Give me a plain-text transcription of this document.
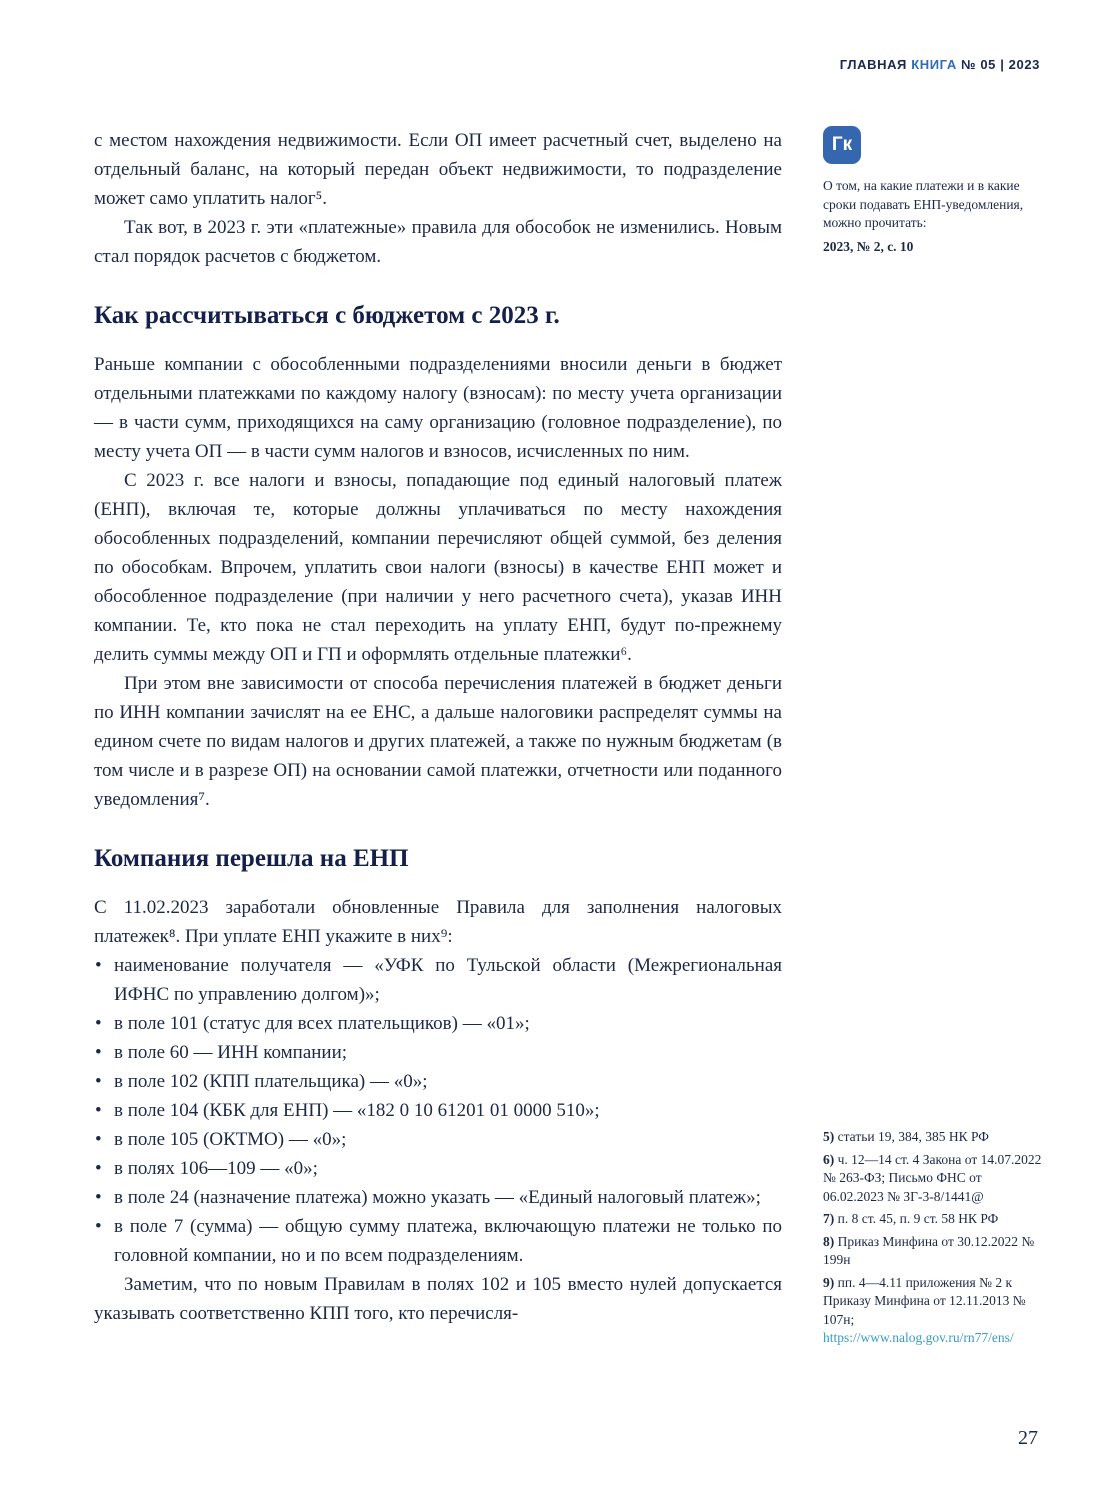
ГЛАВНАЯ КНИГА № 05 | 2023

с местом нахождения недвижимости. Если ОП имеет расчетный счет, выделено на отдельный баланс, на который передан объект недвижимости, то подразделение может само уплатить налог⁵.

Так вот, в 2023 г. эти «платежные» правила для обособок не изменились. Новым стал порядок расчетов с бюджетом.

Как рассчитываться с бюджетом с 2023 г.

Раньше компании с обособленными подразделениями вносили деньги в бюджет отдельными платежками по каждому налогу (взносам): по месту учета организации — в части сумм, приходящихся на саму организацию (головное подразделение), по месту учета ОП — в части сумм налогов и взносов, исчисленных по ним.

С 2023 г. все налоги и взносы, попадающие под единый налоговый платеж (ЕНП), включая те, которые должны уплачиваться по месту нахождения обособленных подразделений, компании перечисляют общей суммой, без деления по обособкам. Впрочем, уплатить свои налоги (взносы) в качестве ЕНП может и обособленное подразделение (при наличии у него расчетного счета), указав ИНН компании. Те, кто пока не стал переходить на уплату ЕНП, будут по-прежнему делить суммы между ОП и ГП и оформлять отдельные платежки⁶.

При этом вне зависимости от способа перечисления платежей в бюджет деньги по ИНН компании зачислят на ее ЕНС, а дальше налоговики распределят суммы на едином счете по видам налогов и других платежей, а также по нужным бюджетам (в том числе и в разрезе ОП) на основании самой платежки, отчетности или поданного уведомления⁷.

Компания перешла на ЕНП

С 11.02.2023 заработали обновленные Правила для заполнения налоговых платежек⁸. При уплате ЕНП укажите в них⁹:

• наименование получателя — «УФК по Тульской области (Межрегиональная ИФНС по управлению долгом)»;
• в поле 101 (статус для всех плательщиков) — «01»;
• в поле 60 — ИНН компании;
• в поле 102 (КПП плательщика) — «0»;
• в поле 104 (КБК для ЕНП) — «182 0 10 61201 01 0000 510»;
• в поле 105 (ОКТМО) — «0»;
• в полях 106—109 — «0»;
• в поле 24 (назначение платежа) можно указать — «Единый налоговый платеж»;
• в поле 7 (сумма) — общую сумму платежа, включающую платежи не только по головной компании, но и по всем подразделениям.

Заметим, что по новым Правилам в полях 102 и 105 вместо нулей допускается указывать соответственно КПП того, кто перечисля-

Гк
О том, на какие платежи и в какие сроки подавать ЕНП-уведомления, можно прочитать:
2023, № 2, с. 10
5) статьи 19, 384, 385 НК РФ
6) ч. 12—14 ст. 4 Закона от 14.07.2022 № 263-ФЗ; Письмо ФНС от 06.02.2023 № ЗГ-3-8/1441@
7) п. 8 ст. 45, п. 9 ст. 58 НК РФ
8) Приказ Минфина от 30.12.2022 № 199н
9) пп. 4—4.11 приложения № 2 к Приказу Минфина от 12.11.2013 № 107н;
https://www.nalog.gov.ru/rn77/ens/
27
